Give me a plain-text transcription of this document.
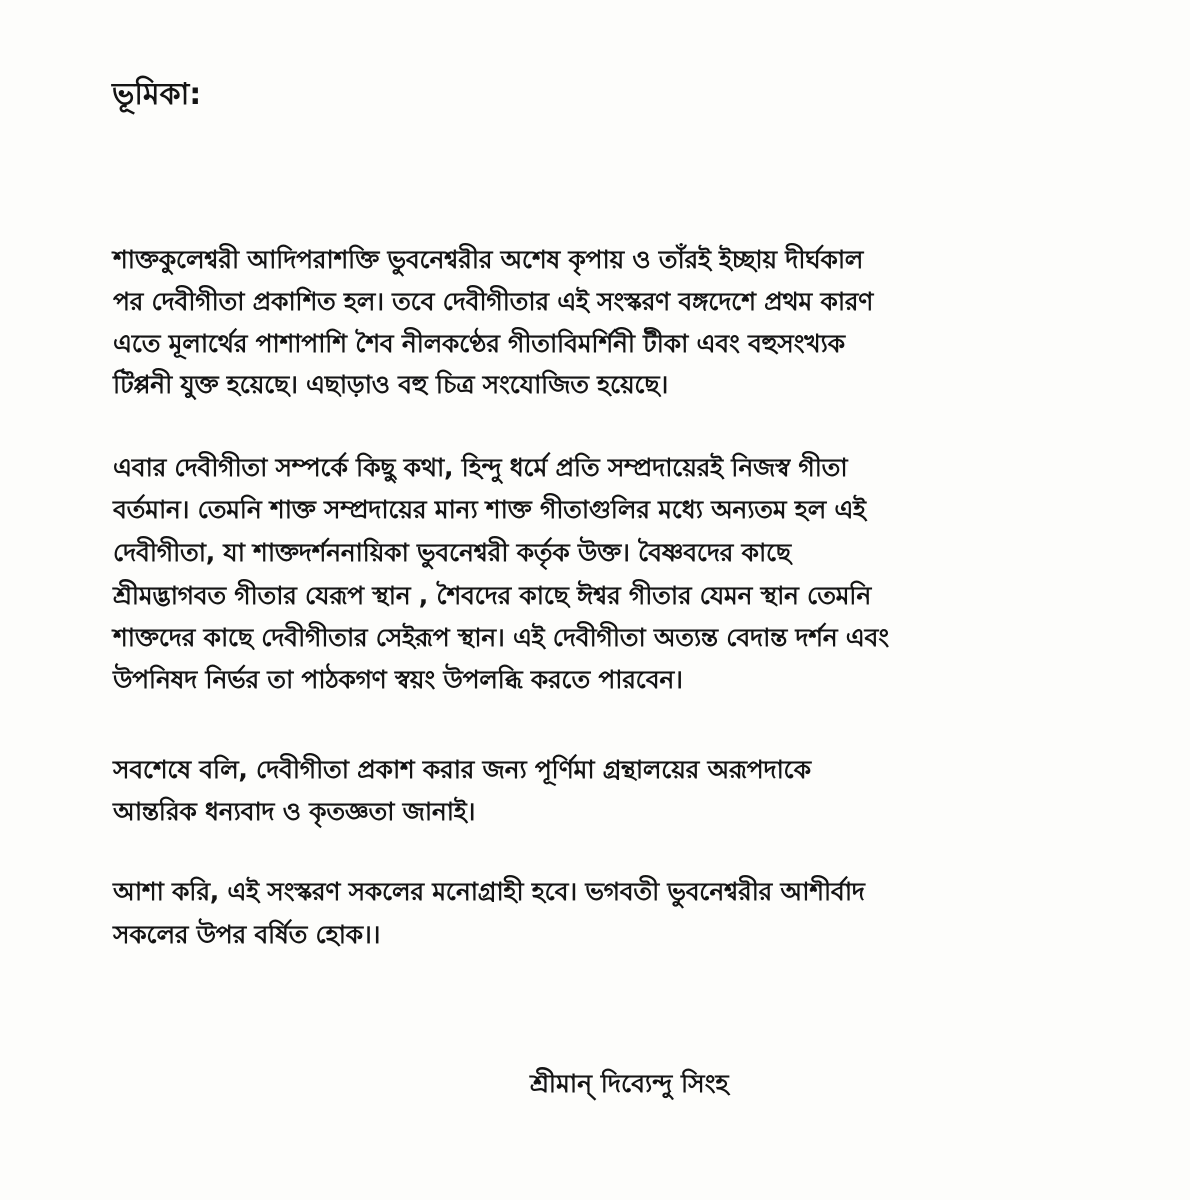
ভূমিকা:
শাক্তকুলেশ্বরী আদিপরাশক্তি ভুবনেশ্বরীর অশেষ কৃপায় ও তাঁরই ইচ্ছায় দীর্ঘকাল
পর দেবীগীতা প্রকাশিত হল। তবে দেবীগীতার এই সংস্করণ বঙ্গদেশে প্রথম কারণ
এতে মূলার্থের পাশাপাশি শৈব নীলকণ্ঠের গীতাবিমর্শিনী টীকা এবং বহুসংখ্যক
টিপ্পনী যুক্ত হয়েছে। এছাড়াও বহু চিত্র সংযোজিত হয়েছে।
এবার দেবীগীতা সম্পর্কে কিছু কথা, হিন্দু ধর্মে প্রতি সম্প্রদায়েরই নিজস্ব গীতা
বর্তমান। তেমনি শাক্ত সম্প্রদায়ের মান্য শাক্ত গীতাগুলির মধ্যে অন্যতম হল এই
দেবীগীতা, যা শাক্তদর্শননায়িকা ভুবনেশ্বরী কর্তৃক উক্ত। বৈষ্ণবদের কাছে
শ্রীমদ্ভাগবত গীতার যেরূপ স্থান , শৈবদের কাছে ঈশ্বর গীতার যেমন স্থান তেমনি
শাক্তদের কাছে দেবীগীতার সেইরূপ স্থান। এই দেবীগীতা অত্যন্ত বেদান্ত দর্শন এবং
উপনিষদ নির্ভর তা পাঠকগণ স্বয়ং উপলব্ধি করতে পারবেন।
সবশেষে বলি, দেবীগীতা প্রকাশ করার জন্য পূর্ণিমা গ্রন্থালয়ের অরূপদাকে
আন্তরিক ধন্যবাদ ও কৃতজ্ঞতা জানাই।
আশা করি, এই সংস্করণ সকলের মনোগ্রাহী হবে। ভগবতী ভুবনেশ্বরীর আশীর্বাদ
সকলের উপর বর্ষিত হোক।।
শ্রীমান্ দিব্যেন্দু সিংহ
